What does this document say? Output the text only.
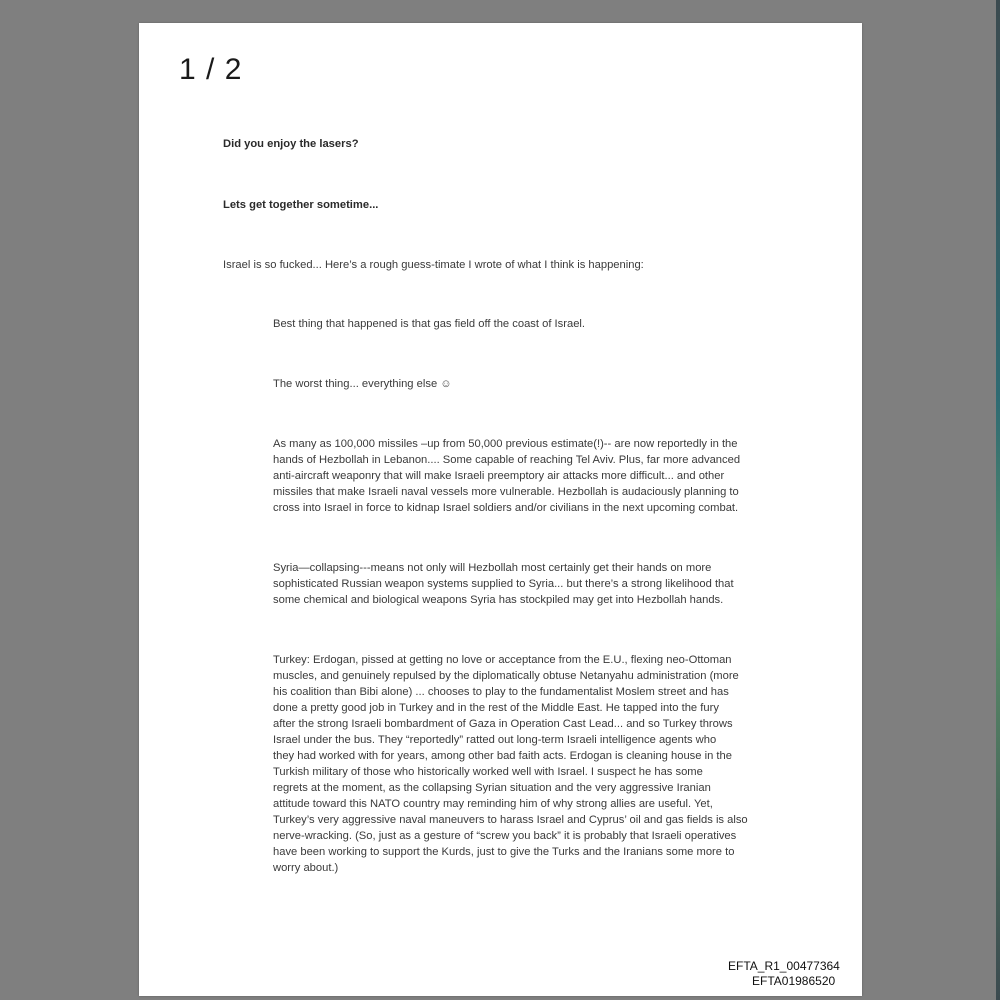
1 / 2
Did you enjoy the lasers?
Lets get together sometime...
Israel is so fucked... Here’s a rough guess-timate I wrote of what I think is happening:
Best thing that happened is that gas field off the coast of Israel.
The worst thing... everything else ☺
As many as 100,000 missiles –up from 50,000 previous estimate(!)-- are now reportedly in the
hands of Hezbollah in Lebanon.... Some capable of reaching Tel Aviv. Plus, far more advanced
anti-aircraft weaponry that will make Israeli preemptory air attacks more difficult... and other
missiles that make Israeli naval vessels more vulnerable. Hezbollah is audaciously planning to
cross into Israel in force to kidnap Israel soldiers and/or civilians in the next upcoming combat.
Syria—collapsing---means not only will Hezbollah most certainly get their hands on more
sophisticated Russian weapon systems supplied to Syria... but there’s a strong likelihood that
some chemical and biological weapons Syria has stockpiled may get into Hezbollah hands.
Turkey: Erdogan, pissed at getting no love or acceptance from the E.U., flexing neo-Ottoman
muscles, and genuinely repulsed by the diplomatically obtuse Netanyahu administration (more
his coalition than Bibi alone) ... chooses to play to the fundamentalist Moslem street and has
done a pretty good job in Turkey and in the rest of the Middle East. He tapped into the fury
after the strong Israeli bombardment of Gaza in Operation Cast Lead... and so Turkey throws
Israel under the bus. They “reportedly” ratted out long-term Israeli intelligence agents who
they had worked with for years, among other bad faith acts. Erdogan is cleaning house in the
Turkish military of those who historically worked well with Israel. I suspect he has some
regrets at the moment, as the collapsing Syrian situation and the very aggressive Iranian
attitude toward this NATO country may reminding him of why strong allies are useful. Yet,
Turkey’s very aggressive naval maneuvers to harass Israel and Cyprus’ oil and gas fields is also
nerve-wracking. (So, just as a gesture of “screw you back” it is probably that Israeli operatives
have been working to support the Kurds, just to give the Turks and the Iranians some more to
worry about.)
EFTA_R1_00477364
EFTA01986520
